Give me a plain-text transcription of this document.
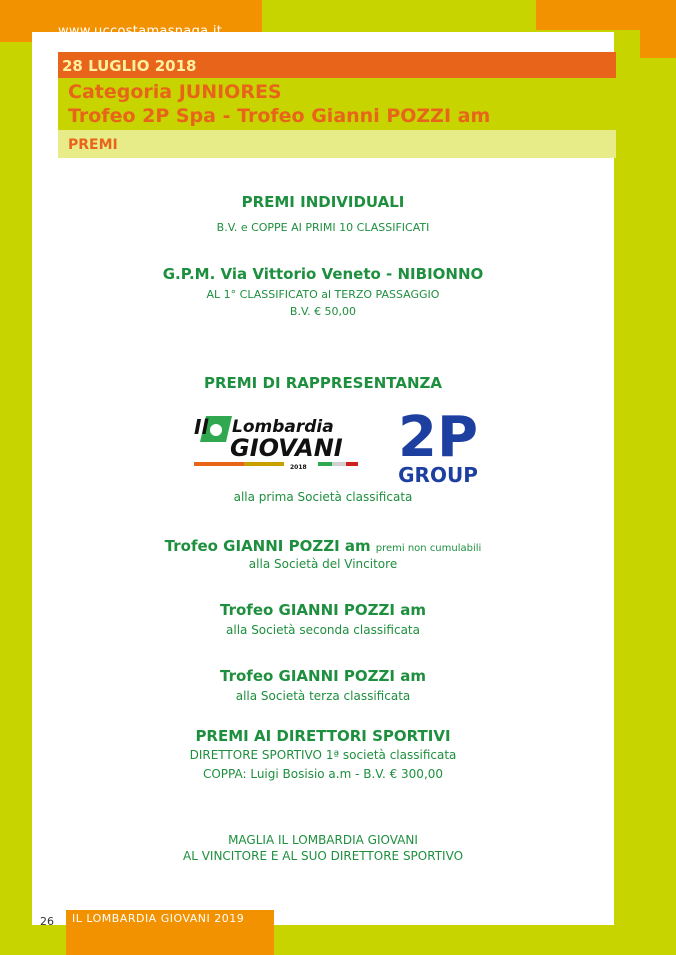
www.uccostamasnaga.it
28 LUGLIO 2018
Categoria JUNIORES
Trofeo 2P Spa - Trofeo Gianni POZZI am
PREMI
PREMI INDIVIDUALI
B.V. e COPPE AI PRIMI 10 CLASSIFICATI
G.P.M. Via Vittorio Veneto - NIBIONNO
AL 1° CLASSIFICATO al TERZO PASSAGGIO
B.V. € 50,00
PREMI DI RAPPRESENTANZA
Il Lombardia
GIOVANI
2018 2P
GROUP
alla prima Società classificata
Trofeo GIANNI POZZI am premi non cumulabili
alla Società del Vincitore
Trofeo GIANNI POZZI am
alla Società seconda classificata
Trofeo GIANNI POZZI am
alla Società terza classificata
PREMI AI DIRETTORI SPORTIVI
DIRETTORE SPORTIVO 1ª società classificata
COPPA: Luigi Bosisio a.m - B.V. € 300,00
MAGLIA IL LOMBARDIA GIOVANI
AL VINCITORE E AL SUO DIRETTORE SPORTIVO
26 IL LOMBARDIA GIOVANI 2019
